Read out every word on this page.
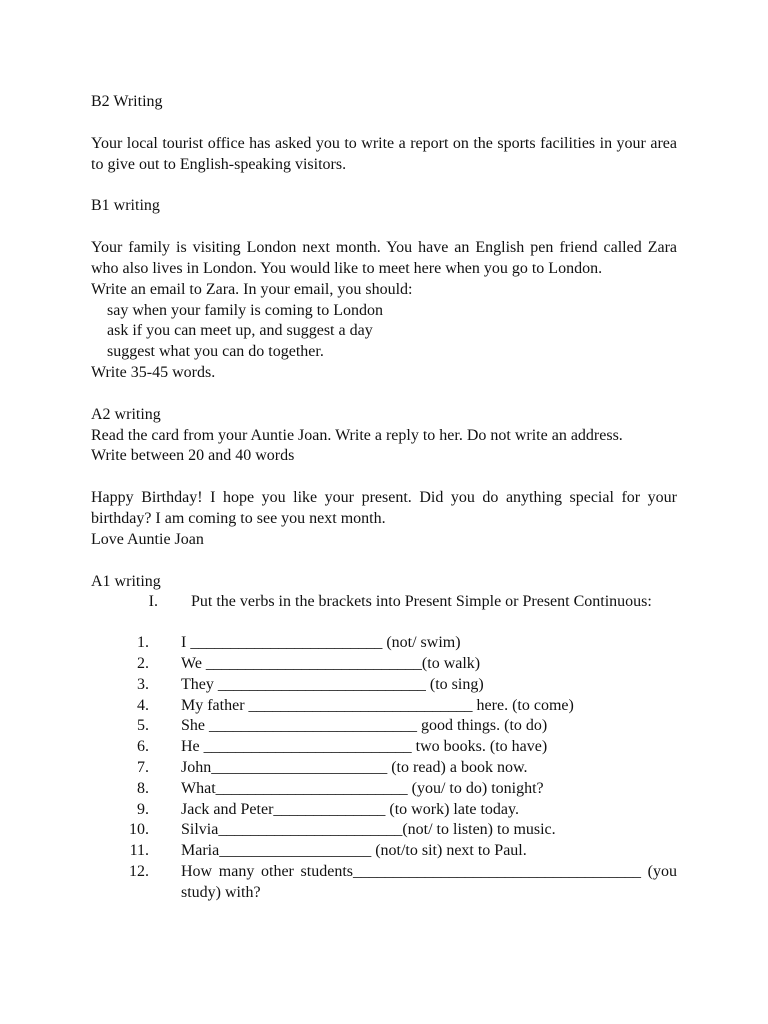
B2 Writing
Your local tourist office has asked you to write a report on the sports facilities in your area to give out to English-speaking visitors.
B1 writing
Your family is visiting London next month. You have an English pen friend called Zara who also lives in London. You would like to meet here when you go to London.
Write an email to Zara. In your email, you should:
say when your family is coming to London
ask if you can meet up, and suggest a day
suggest what you can do together.
Write 35-45 words.
A2 writing
Read the card from your Auntie Joan. Write a reply to her. Do not write an address.
Write between 20 and 40 words
Happy Birthday! I hope you like your present. Did you do anything special for your birthday? I am coming to see you next month.
Love Auntie Joan
A1 writing
I. Put the verbs in the brackets into Present Simple or Present Continuous:
1.	I ________________________ (not/ swim)
2.	We ___________________________(to walk)
3.	They __________________________ (to sing)
4.	My father ____________________________ here. (to come)
5.	She __________________________ good things. (to do)
6.	He __________________________ two books. (to have)
7.	John______________________ (to read) a book now.
8.	What________________________ (you/ to do) tonight?
9.	Jack and Peter______________ (to work) late today.
10.	Silvia_______________________(not/ to listen) to music.
11.	Maria___________________ (not/to sit) next to Paul.
12.	How many other students____________________________________ (you study) with?
